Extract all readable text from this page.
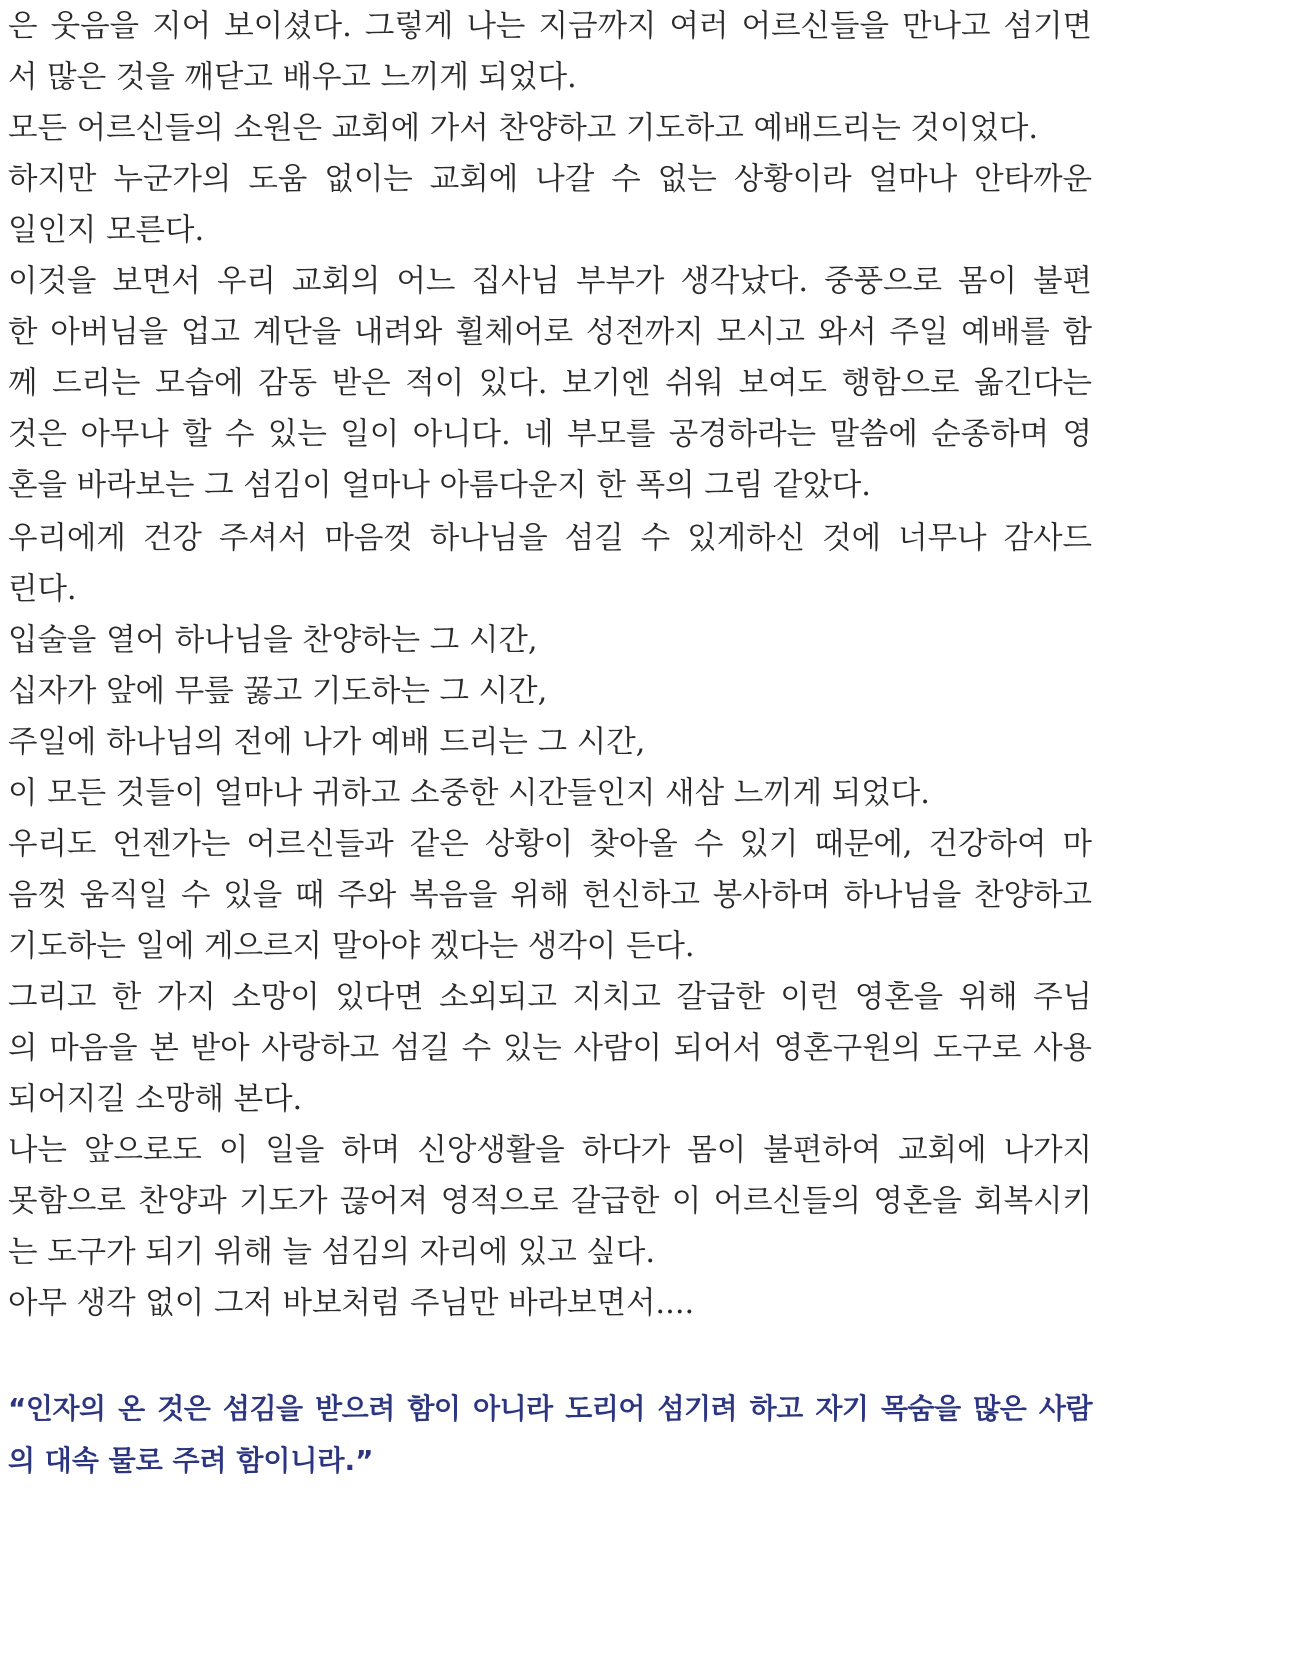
은 웃음을 지어 보이셨다. 그렇게 나는 지금까지 여러 어르신들을 만나고 섬기면
서 많은 것을 깨닫고 배우고 느끼게 되었다.
모든 어르신들의 소원은 교회에 가서 찬양하고 기도하고 예배드리는 것이었다.
하지만 누군가의 도움 없이는 교회에 나갈 수 없는 상황이라 얼마나 안타까운
일인지 모른다.
이것을 보면서 우리 교회의 어느 집사님 부부가 생각났다. 중풍으로 몸이 불편
한 아버님을 업고 계단을 내려와 휠체어로 성전까지 모시고 와서 주일 예배를 함
께 드리는 모습에 감동 받은 적이 있다. 보기엔 쉬워 보여도 행함으로 옮긴다는
것은 아무나 할 수 있는 일이 아니다. 네 부모를 공경하라는 말씀에 순종하며 영
혼을 바라보는 그 섬김이 얼마나 아름다운지 한 폭의 그림 같았다.
우리에게 건강 주셔서 마음껏 하나님을 섬길 수 있게하신 것에 너무나 감사드
린다.
입술을 열어 하나님을 찬양하는 그 시간,
십자가 앞에 무릎 꿇고 기도하는 그 시간,
주일에 하나님의 전에 나가 예배 드리는 그 시간,
이 모든 것들이 얼마나 귀하고 소중한 시간들인지 새삼 느끼게 되었다.
우리도 언젠가는 어르신들과 같은 상황이 찾아올 수 있기 때문에, 건강하여 마
음껏 움직일 수 있을 때 주와 복음을 위해 헌신하고 봉사하며 하나님을 찬양하고
기도하는 일에 게으르지 말아야 겠다는 생각이 든다.
그리고 한 가지 소망이 있다면 소외되고 지치고 갈급한 이런 영혼을 위해 주님
의 마음을 본 받아 사랑하고 섬길 수 있는 사람이 되어서 영혼구원의 도구로 사용
되어지길 소망해 본다.
나는 앞으로도 이 일을 하며 신앙생활을 하다가 몸이 불편하여 교회에 나가지
못함으로 찬양과 기도가 끊어져 영적으로 갈급한 이 어르신들의 영혼을 회복시키
는 도구가 되기 위해 늘 섬김의 자리에 있고 싶다.
아무 생각 없이 그저 바보처럼 주님만 바라보면서....
“인자의 온 것은 섬김을 받으려 함이 아니라 도리어 섬기려 하고 자기 목숨을 많은 사람
의 대속 물로 주려 함이니라.”
